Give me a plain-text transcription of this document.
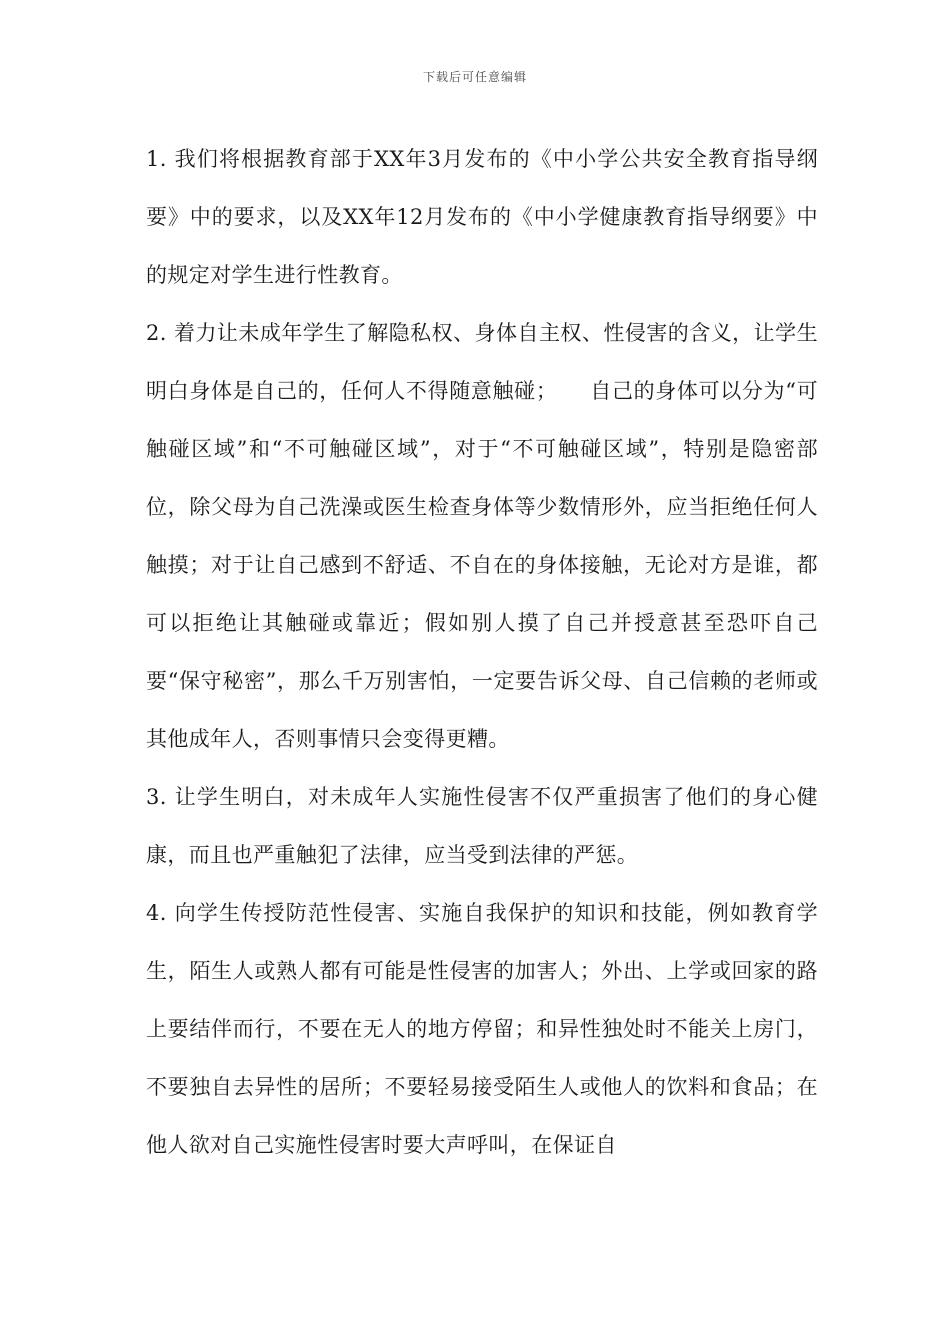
下载后可任意编辑

1. 我们将根据教育部于XX年3月发布的《中小学公共安全教育指导纲要》中的要求，以及XX年12月发布的《中小学健康教育指导纲要》中的规定对学生进行性教育。

2. 着力让未成年学生了解隐私权、身体自主权、性侵害的含义，让学生明白身体是自己的，任何人不得随意触碰；　　自己的身体可以分为“可触碰区域”和“不可触碰区域”，对于“不可触碰区域”，特别是隐密部位，除父母为自己洗澡或医生检查身体等少数情形外，应当拒绝任何人触摸；对于让自己感到不舒适、不自在的身体接触，无论对方是谁，都可以拒绝让其触碰或靠近；假如别人摸了自己并授意甚至恐吓自己要“保守秘密”，那么千万别害怕，一定要告诉父母、自己信赖的老师或其他成年人，否则事情只会变得更糟。

3. 让学生明白，对未成年人实施性侵害不仅严重损害了他们的身心健康，而且也严重触犯了法律，应当受到法律的严惩。

4. 向学生传授防范性侵害、实施自我保护的知识和技能，例如教育学生，陌生人或熟人都有可能是性侵害的加害人；外出、上学或回家的路上要结伴而行，不要在无人的地方停留；和异性独处时不能关上房门，不要独自去异性的居所；不要轻易接受陌生人或他人的饮料和食品；在他人欲对自己实施性侵害时要大声呼叫，在保证自
